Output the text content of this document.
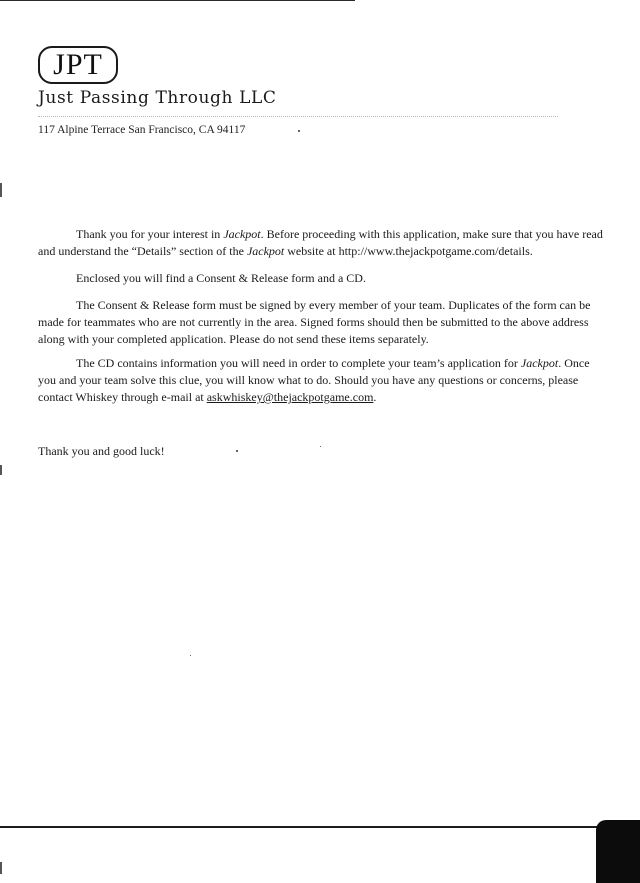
JPT
Just Passing Through LLC
117 Alpine Terrace San Francisco, CA 94117
Thank you for your interest in Jackpot. Before proceeding with this application, make sure that you have read and understand the “Details” section of the Jackpot website at http://www.thejackpotgame.com/details.
Enclosed you will find a Consent & Release form and a CD.
The Consent & Release form must be signed by every member of your team. Duplicates of the form can be made for teammates who are not currently in the area. Signed forms should then be submitted to the above address along with your completed application. Please do not send these items separately.
The CD contains information you will need in order to complete your team’s application for Jackpot. Once you and your team solve this clue, you will know what to do. Should you have any questions or concerns, please contact Whiskey through e-mail at askwhiskey@thejackpotgame.com.
Thank you and good luck!
